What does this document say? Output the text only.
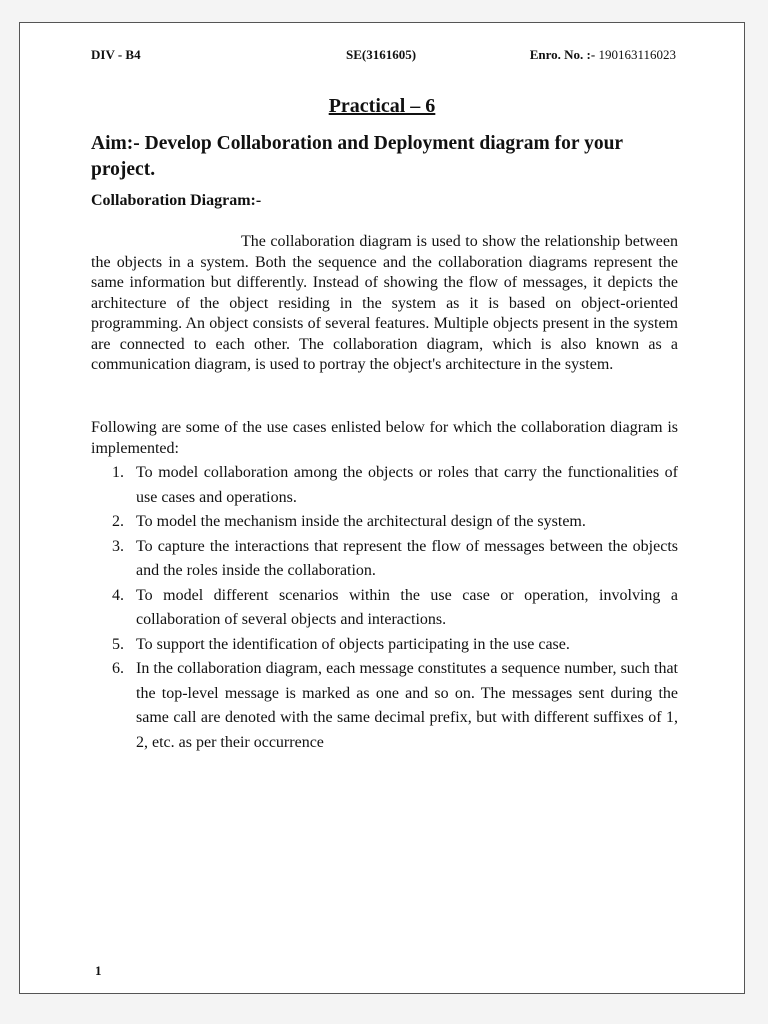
DIV - B4	SE(3161605)	Enro. No. :- 190163116023
Practical – 6
Aim:- Develop Collaboration and Deployment diagram for your project.
Collaboration Diagram:-

The collaboration diagram is used to show the relationship between the objects in a system. Both the sequence and the collaboration diagrams represent the same information but differently. Instead of showing the flow of messages, it depicts the architecture of the object residing in the system as it is based on object-oriented programming. An object consists of several features. Multiple objects present in the system are connected to each other. The collaboration diagram, which is also known as a communication diagram, is used to portray the object's architecture in the system.

Following are some of the use cases enlisted below for which the collaboration diagram is implemented:

1. To model collaboration among the objects or roles that carry the functionalities of use cases and operations.
2. To model the mechanism inside the architectural design of the system.
3. To capture the interactions that represent the flow of messages between the objects and the roles inside the collaboration.
4. To model different scenarios within the use case or operation, involving a collaboration of several objects and interactions.
5. To support the identification of objects participating in the use case.
6. In the collaboration diagram, each message constitutes a sequence number, such that the top-level message is marked as one and so on. The messages sent during the same call are denoted with the same decimal prefix, but with different suffixes of 1, 2, etc. as per their occurrence
1
